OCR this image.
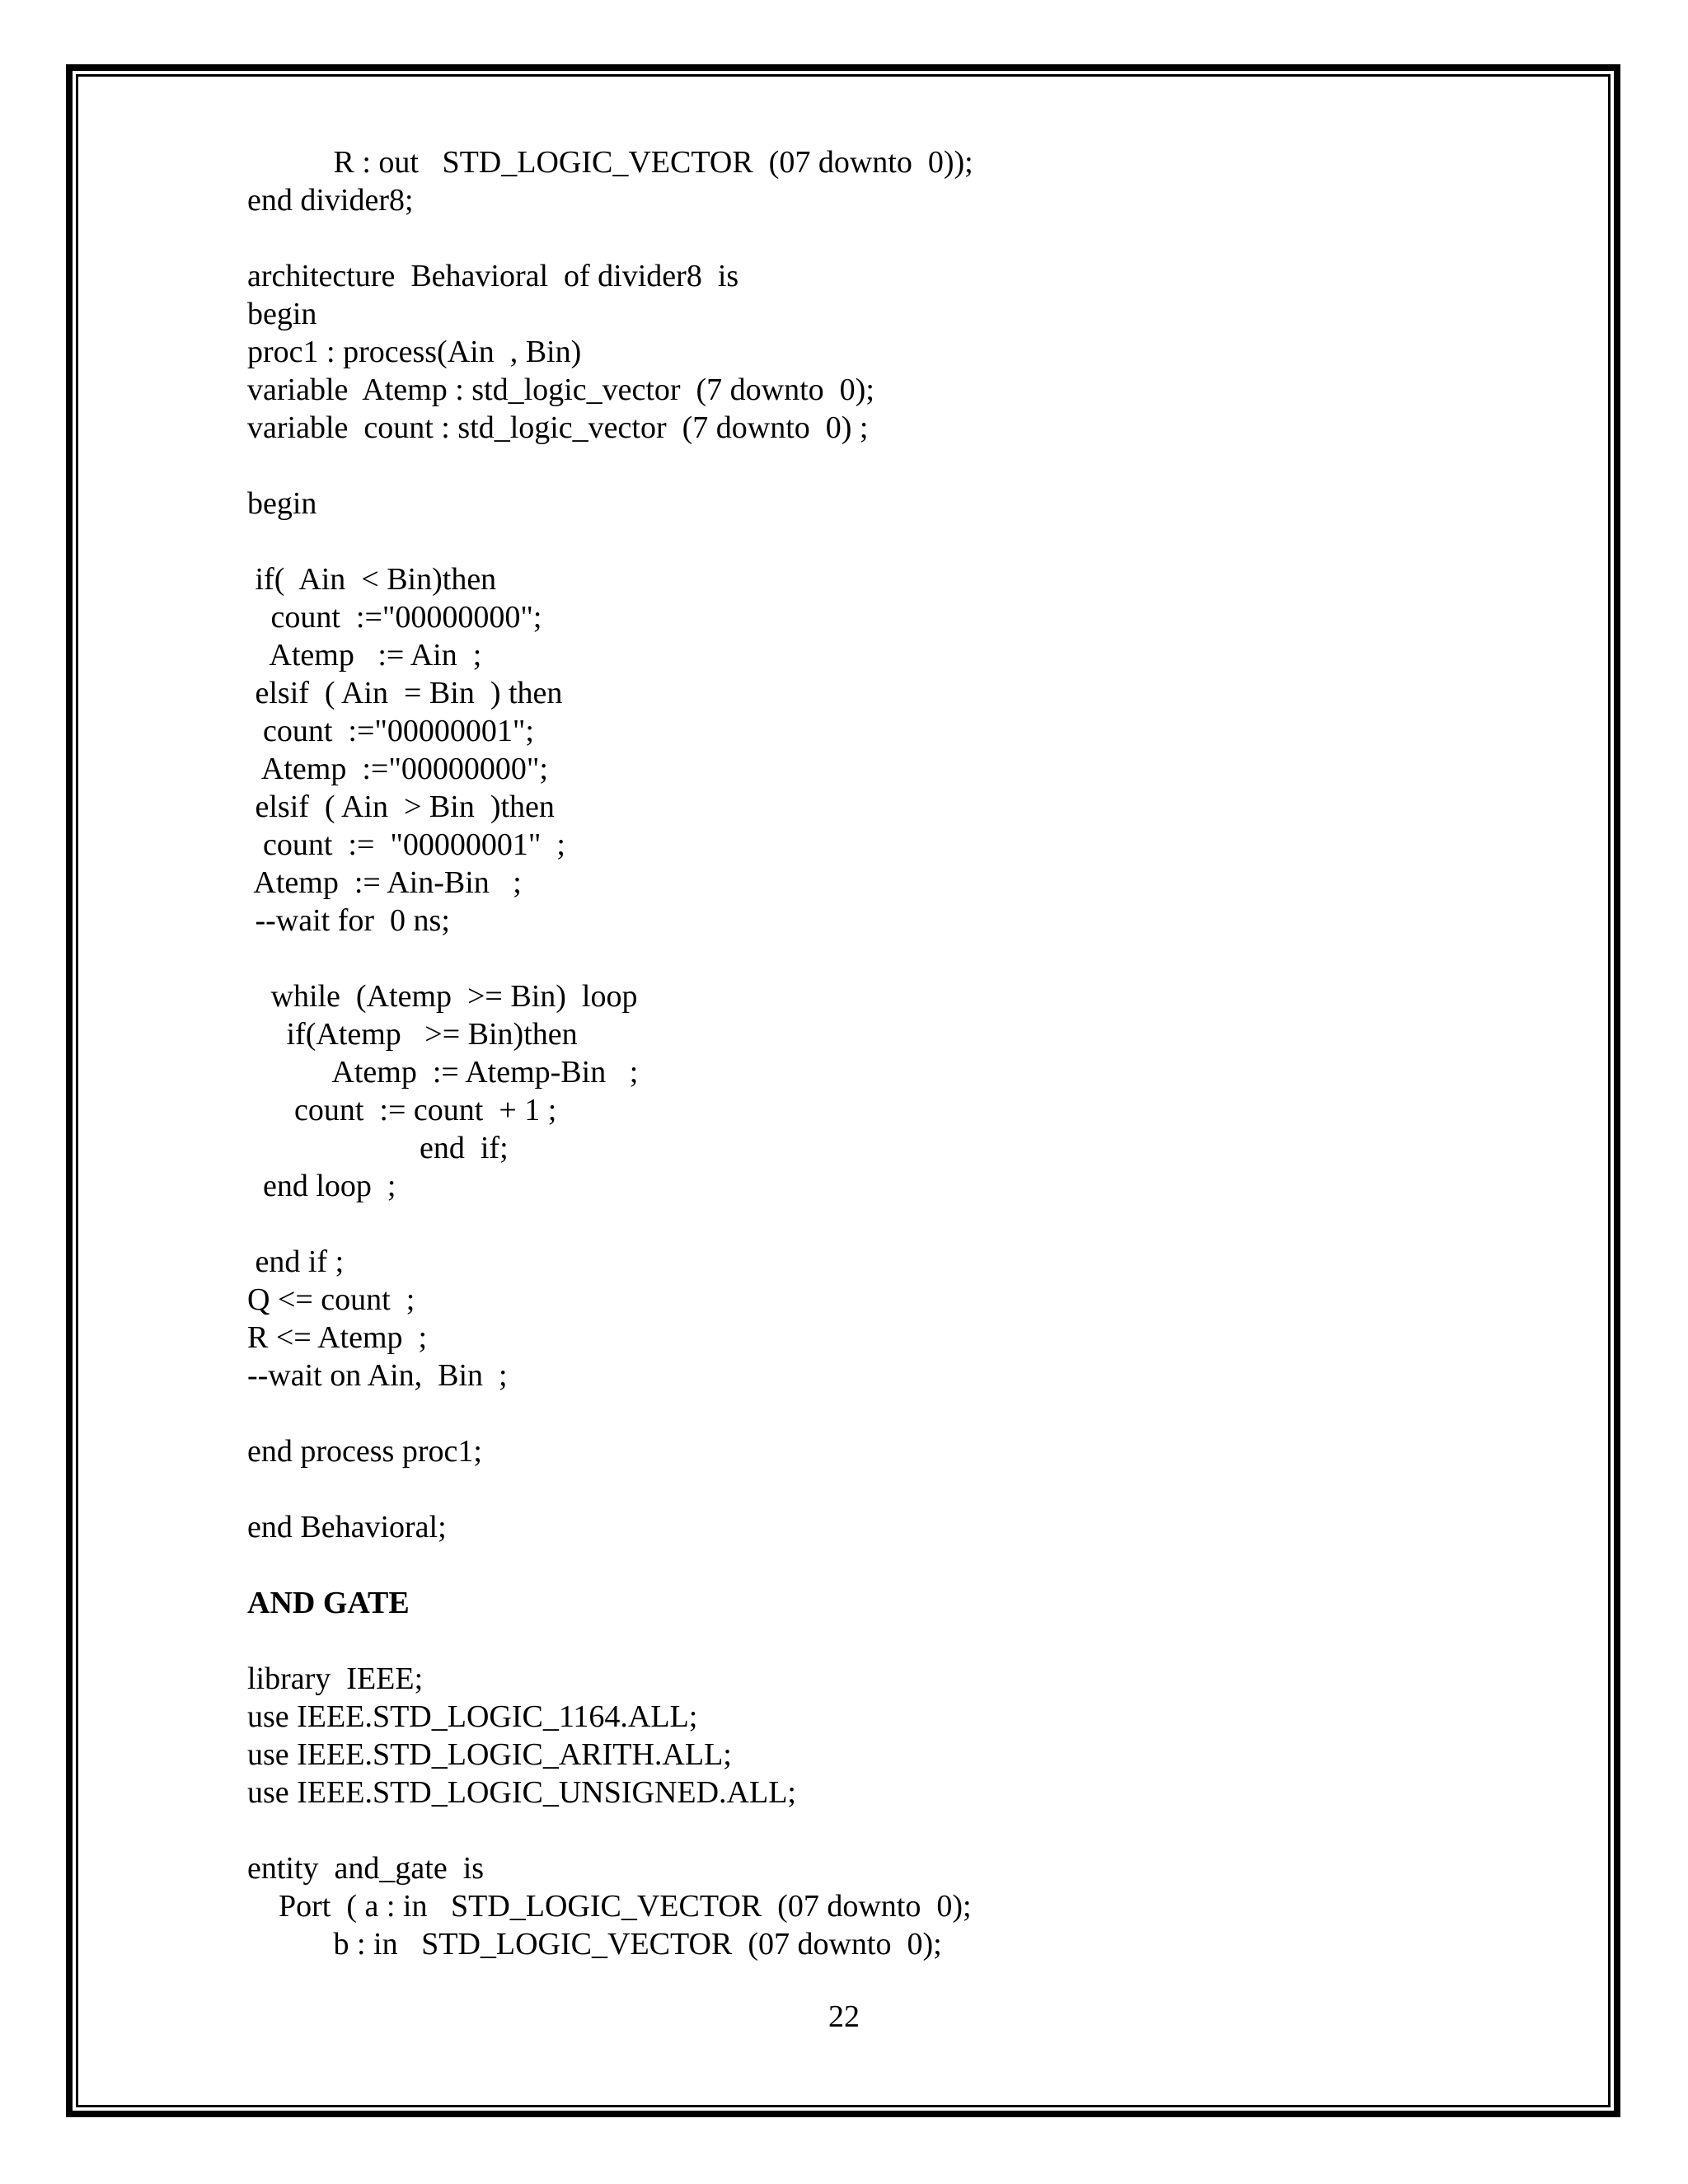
R : out   STD_LOGIC_VECTOR  (07 downto  0));
end divider8;
architecture  Behavioral  of divider8  is
begin
proc1 : process(Ain  , Bin)
variable  Atemp : std_logic_vector  (7 downto  0);
variable  count : std_logic_vector  (7 downto  0) ;
begin
if(  Ain  < Bin)then
count  :="00000000";
Atemp   := Ain  ;
elsif  ( Ain  = Bin  ) then
count  :="00000001";
Atemp  :="00000000";
elsif  ( Ain  > Bin  )then
count  :=  "00000001"  ;
Atemp  := Ain-Bin   ;
--wait for  0 ns;
while  (Atemp  >= Bin)  loop
if(Atemp   >= Bin)then
Atemp  := Atemp-Bin   ;
count  := count  + 1 ;
end  if;
end loop  ;
end if ;
Q <= count  ;
R <= Atemp  ;
--wait on Ain,  Bin  ;
end process proc1;
end Behavioral;
AND GATE
library  IEEE;
use IEEE.STD_LOGIC_1164.ALL;
use IEEE.STD_LOGIC_ARITH.ALL;
use IEEE.STD_LOGIC_UNSIGNED.ALL;
entity  and_gate  is
Port  ( a : in   STD_LOGIC_VECTOR  (07 downto  0);
b : in   STD_LOGIC_VECTOR  (07 downto  0);
22
